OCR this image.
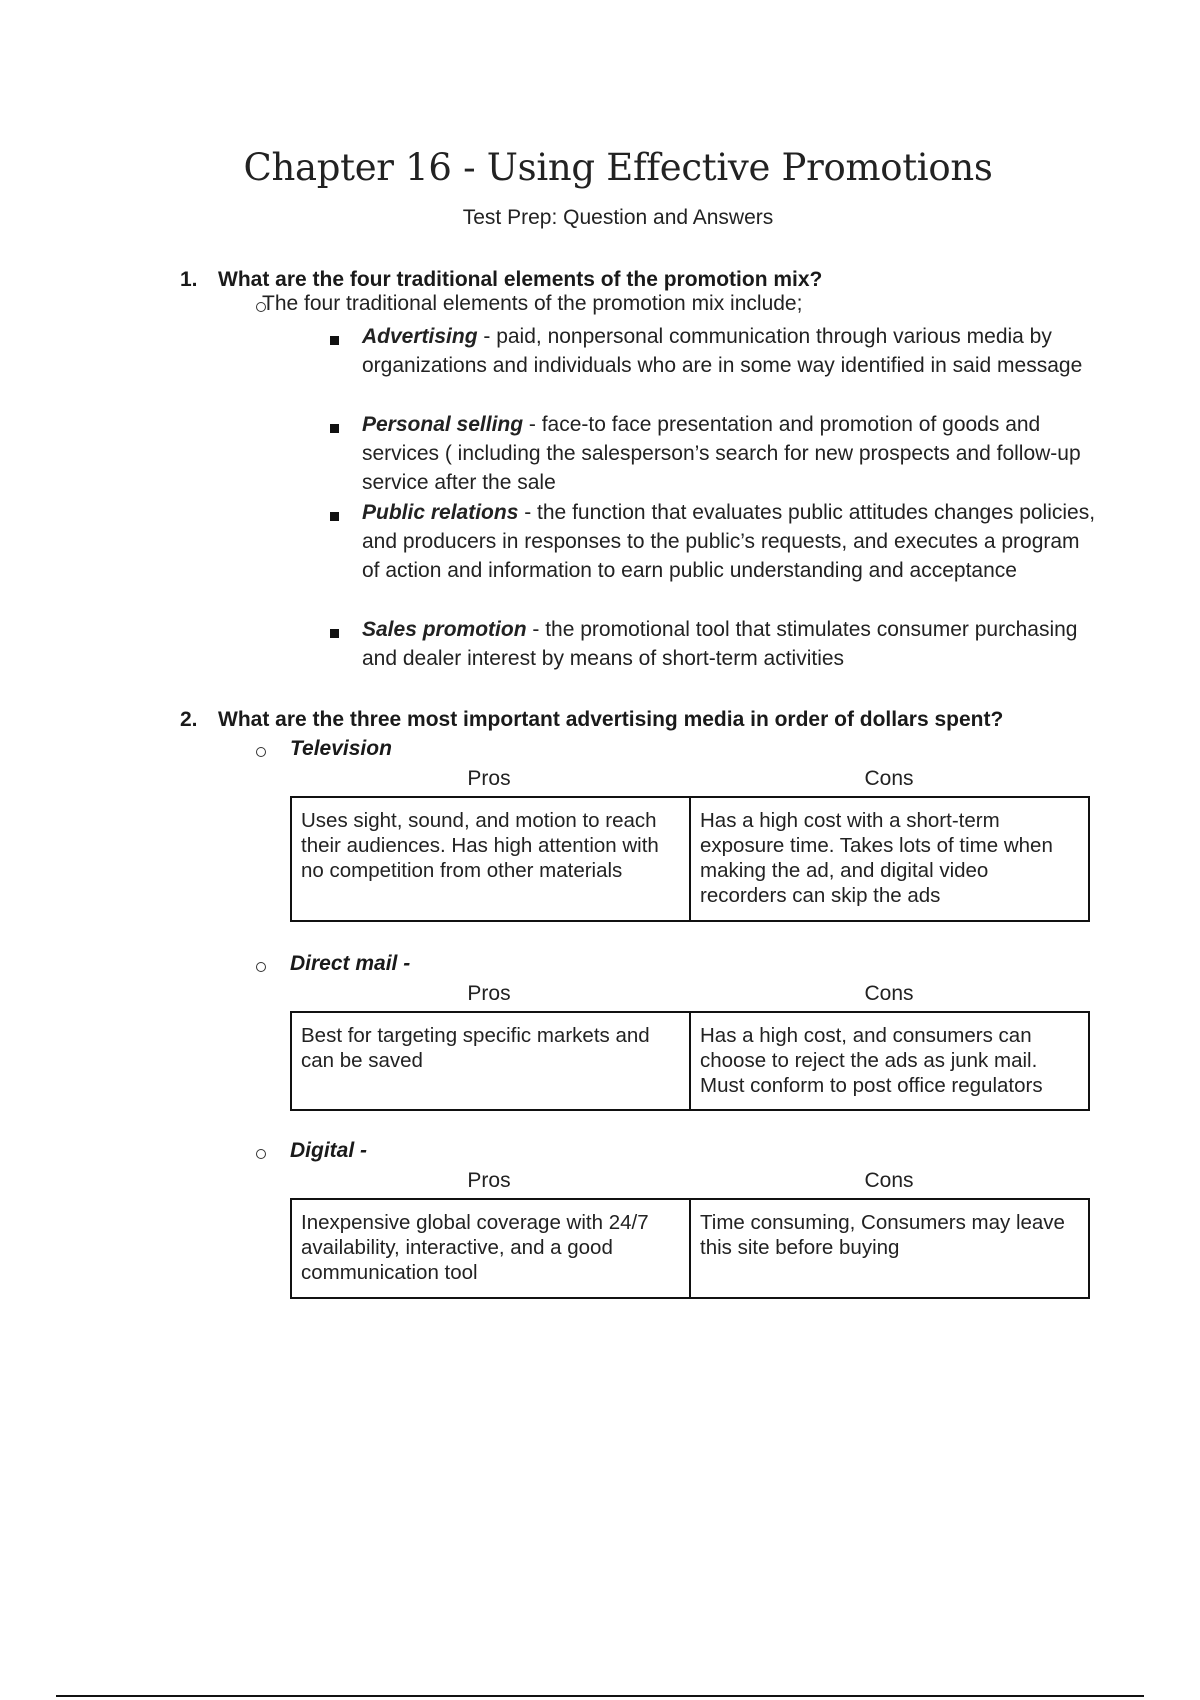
Chapter 16 - Using Effective Promotions
Test Prep: Question and Answers
1. What are the four traditional elements of the promotion mix?
The four traditional elements of the promotion mix include;
Advertising - paid, nonpersonal communication through various media by organizations and individuals who are in some way identified in said message
Personal selling - face-to face presentation and promotion of goods and services ( including the salesperson’s search for new prospects and follow-up service after the sale
Public relations - the function that evaluates public attitudes changes policies, and producers in responses to the public’s requests, and executes a program of action and information to earn public understanding and acceptance
Sales promotion - the promotional tool that stimulates consumer purchasing and dealer interest by means of short-term activities
2. What are the three most important advertising media in order of dollars spent?
Television
Pros	Cons
Uses sight, sound, and motion to reach their audiences. Has high attention with no competition from other materials	Has a high cost with a short-term exposure time. Takes lots of time when making the ad, and digital video recorders can skip the ads
Direct mail -
Pros	Cons
Best for targeting specific markets and can be saved	Has a high cost, and consumers can choose to reject the ads as junk mail. Must conform to post office regulators
Digital -
Pros	Cons
Inexpensive global coverage with 24/7 availability, interactive, and a good communication tool	Time consuming, Consumers may leave this site before buying
